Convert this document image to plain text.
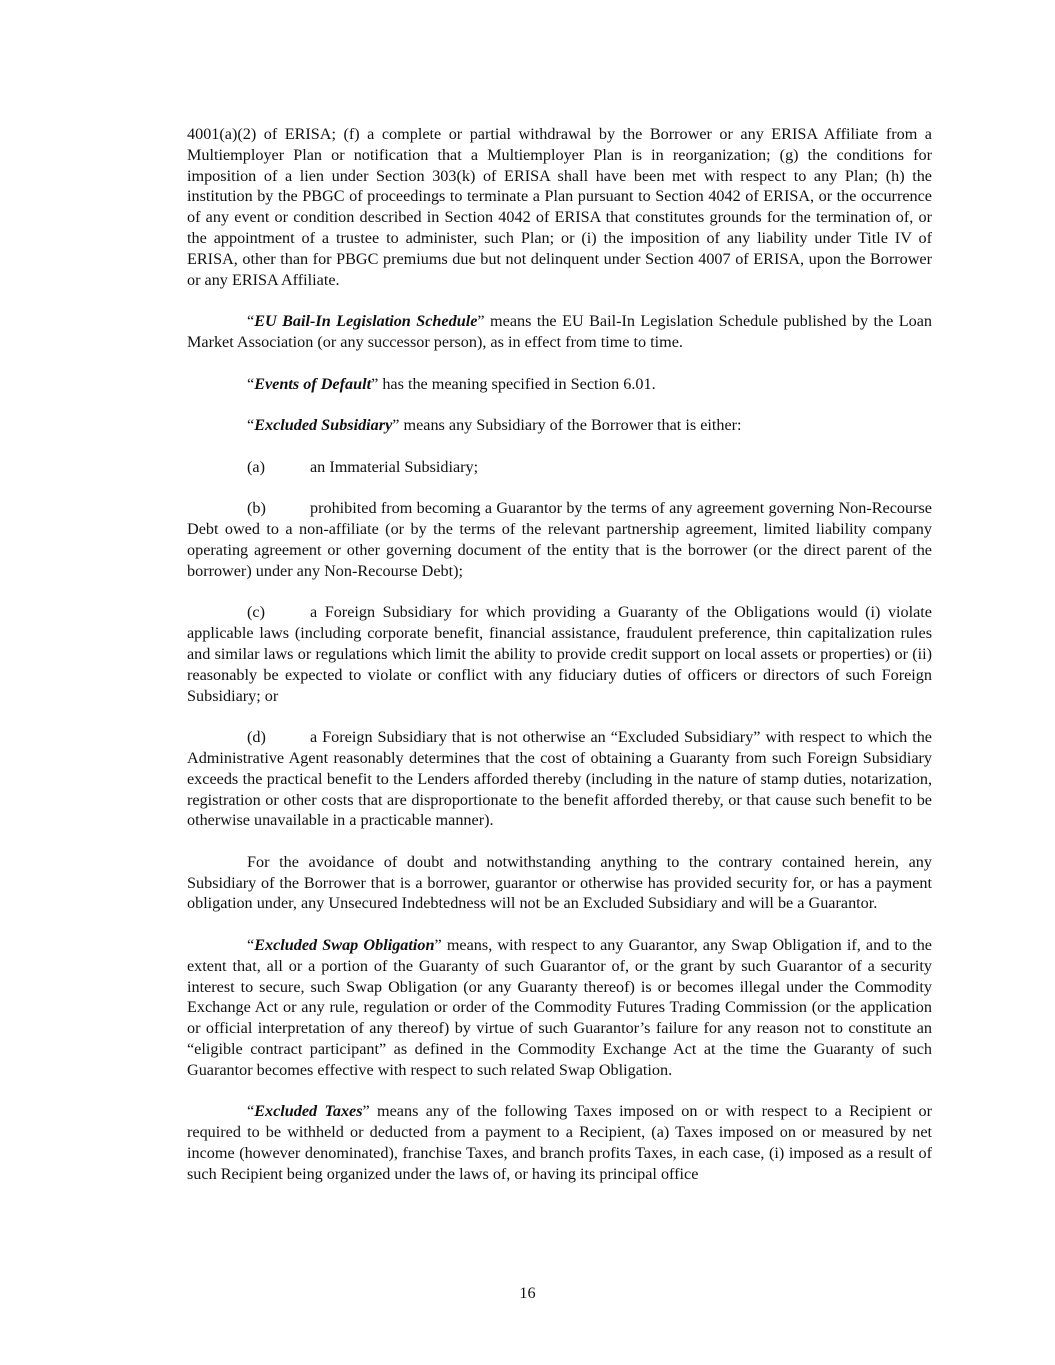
4001(a)(2) of ERISA; (f) a complete or partial withdrawal by the Borrower or any ERISA Affiliate from a Multiemployer Plan or notification that a Multiemployer Plan is in reorganization; (g) the conditions for imposition of a lien under Section 303(k) of ERISA shall have been met with respect to any Plan; (h) the institution by the PBGC of proceedings to terminate a Plan pursuant to Section 4042 of ERISA, or the occurrence of any event or condition described in Section 4042 of ERISA that constitutes grounds for the termination of, or the appointment of a trustee to administer, such Plan; or (i) the imposition of any liability under Title IV of ERISA, other than for PBGC premiums due but not delinquent under Section 4007 of ERISA, upon the Borrower or any ERISA Affiliate.

“EU Bail-In Legislation Schedule” means the EU Bail-In Legislation Schedule published by the Loan Market Association (or any successor person), as in effect from time to time.

“Events of Default” has the meaning specified in Section 6.01.

“Excluded Subsidiary” means any Subsidiary of the Borrower that is either:

(a)	an Immaterial Subsidiary;

(b)	prohibited from becoming a Guarantor by the terms of any agreement governing Non-Recourse Debt owed to a non-affiliate (or by the terms of the relevant partnership agreement, limited liability company operating agreement or other governing document of the entity that is the borrower (or the direct parent of the borrower) under any Non-Recourse Debt);

(c)	a Foreign Subsidiary for which providing a Guaranty of the Obligations would (i) violate applicable laws (including corporate benefit, financial assistance, fraudulent preference, thin capitalization rules and similar laws or regulations which limit the ability to provide credit support on local assets or properties) or (ii) reasonably be expected to violate or conflict with any fiduciary duties of officers or directors of such Foreign Subsidiary; or

(d)	a Foreign Subsidiary that is not otherwise an “Excluded Subsidiary” with respect to which the Administrative Agent reasonably determines that the cost of obtaining a Guaranty from such Foreign Subsidiary exceeds the practical benefit to the Lenders afforded thereby (including in the nature of stamp duties, notarization, registration or other costs that are disproportionate to the benefit afforded thereby, or that cause such benefit to be otherwise unavailable in a practicable manner).

For the avoidance of doubt and notwithstanding anything to the contrary contained herein, any Subsidiary of the Borrower that is a borrower, guarantor or otherwise has provided security for, or has a payment obligation under, any Unsecured Indebtedness will not be an Excluded Subsidiary and will be a Guarantor.

“Excluded Swap Obligation” means, with respect to any Guarantor, any Swap Obligation if, and to the extent that, all or a portion of the Guaranty of such Guarantor of, or the grant by such Guarantor of a security interest to secure, such Swap Obligation (or any Guaranty thereof) is or becomes illegal under the Commodity Exchange Act or any rule, regulation or order of the Commodity Futures Trading Commission (or the application or official interpretation of any thereof) by virtue of such Guarantor’s failure for any reason not to constitute an “eligible contract participant” as defined in the Commodity Exchange Act at the time the Guaranty of such Guarantor becomes effective with respect to such related Swap Obligation.

“Excluded Taxes” means any of the following Taxes imposed on or with respect to a Recipient or required to be withheld or deducted from a payment to a Recipient, (a) Taxes imposed on or measured by net income (however denominated), franchise Taxes, and branch profits Taxes, in each case, (i) imposed as a result of such Recipient being organized under the laws of, or having its principal office

16
